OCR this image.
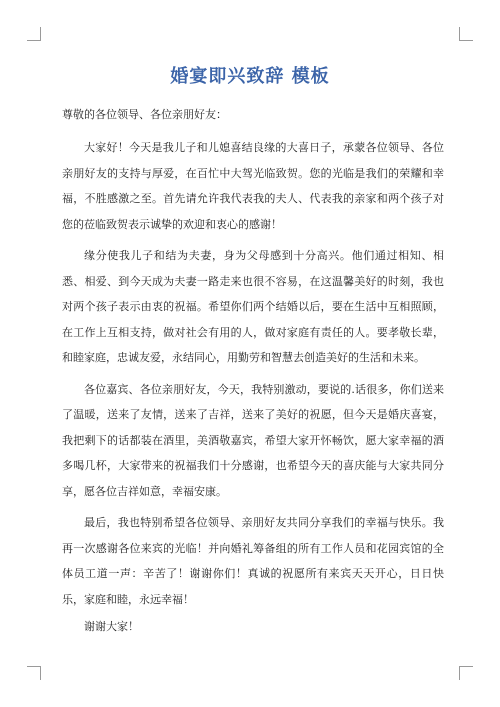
婚宴即兴致辞 模板

尊敬的各位领导、各位亲朋好友：

大家好！今天是我儿子和儿媳喜结良缘的大喜日子，承蒙各位领导、各位亲朋好友的支持与厚爱，在百忙中大驾光临致贺。您的光临是我们的荣耀和幸福，不胜感激之至。首先请允许我代表我的夫人、代表我的亲家和两个孩子对您的莅临致贺表示诚挚的欢迎和衷心的感谢！

缘分使我儿子和结为夫妻，身为父母感到十分高兴。他们通过相知、相悉、相爱、到今天成为夫妻一路走来也很不容易，在这温馨美好的时刻，我也对两个孩子表示由衷的祝福。希望你们两个结婚以后，要在生活中互相照顾，在工作上互相支持，做对社会有用的人，做对家庭有责任的人。要孝敬长辈，和睦家庭，忠诚友爱，永结同心，用勤劳和智慧去创造美好的生活和未来。

各位嘉宾、各位亲朋好友，今天，我特别激动，要说的.话很多，你们送来了温暖，送来了友情，送来了吉祥，送来了美好的祝愿，但今天是婚庆喜宴，我把剩下的话都装在酒里，美酒敬嘉宾，希望大家开怀畅饮，愿大家幸福的酒多喝几杯，大家带来的祝福我们十分感谢，也希望今天的喜庆能与大家共同分享，愿各位吉祥如意，幸福安康。

最后，我也特别希望各位领导、亲朋好友共同分享我们的幸福与快乐。我再一次感谢各位来宾的光临！并向婚礼筹备组的所有工作人员和花园宾馆的全体员工道一声：辛苦了！谢谢你们！真诚的祝愿所有来宾天天开心，日日快乐，家庭和睦，永远幸福！

谢谢大家！
